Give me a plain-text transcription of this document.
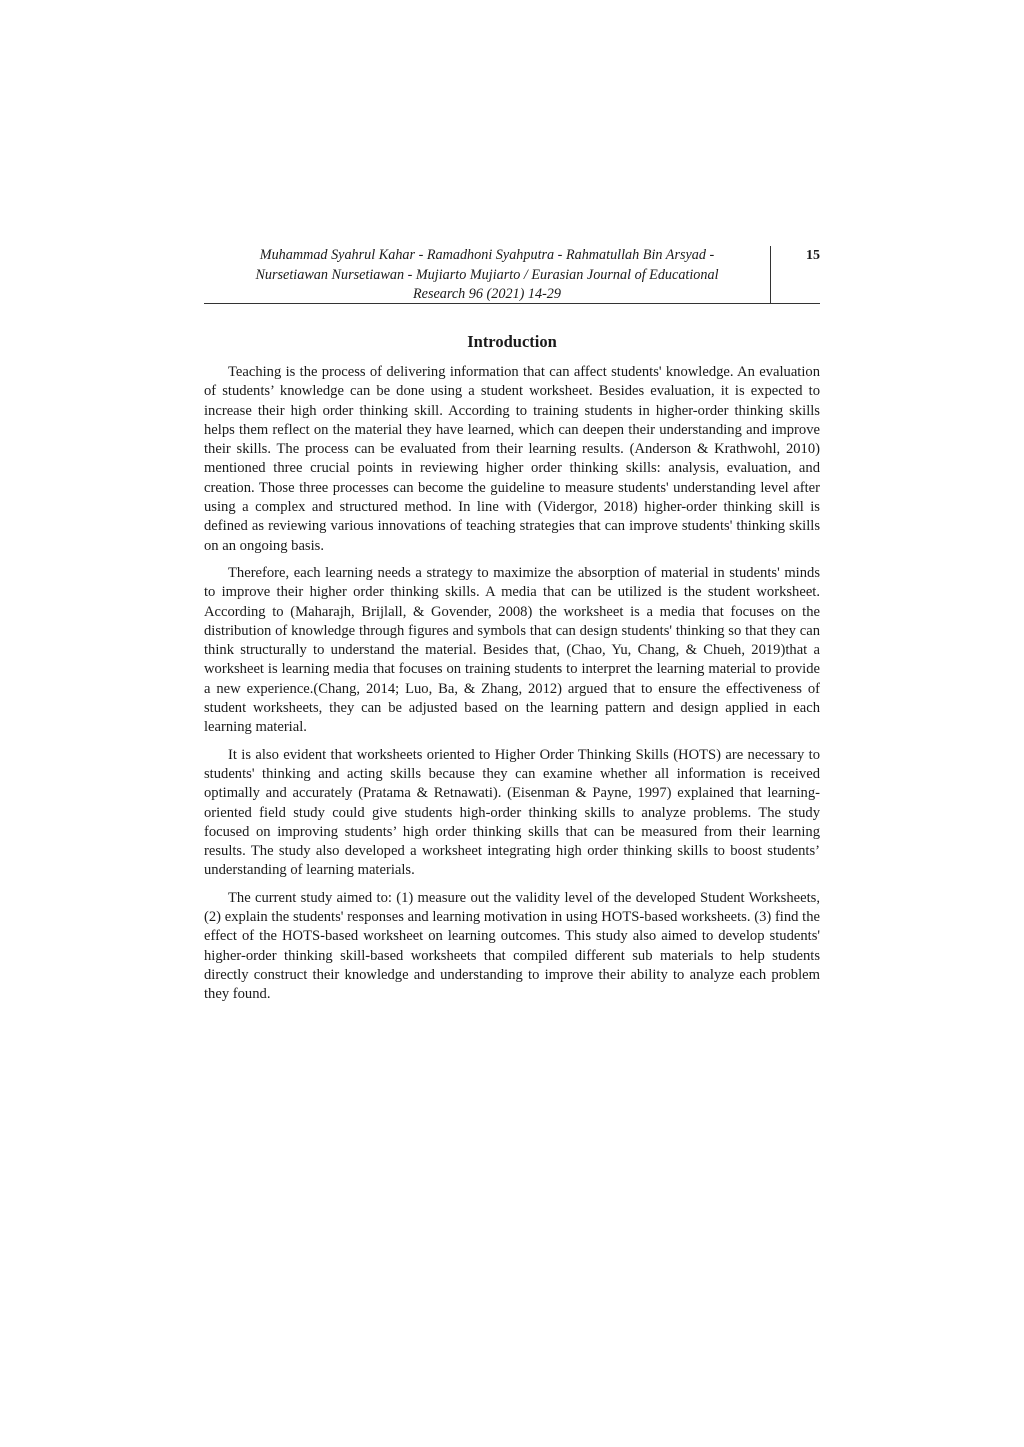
Muhammad Syahrul Kahar - Ramadhoni Syahputra - Rahmatullah Bin Arsyad -
Nursetiawan Nursetiawan - Mujiarto Mujiarto / Eurasian Journal of Educational
Research 96 (2021) 14-29
15
Introduction

Teaching is the process of delivering information that can affect students' knowledge. An evaluation of students’ knowledge can be done using a student worksheet. Besides evaluation, it is expected to increase their high order thinking skill. According to training students in higher-order thinking skills helps them reflect on the material they have learned, which can deepen their understanding and improve their skills. The process can be evaluated from their learning results. (Anderson & Krathwohl, 2010) mentioned three crucial points in reviewing higher order thinking skills: analysis, evaluation, and creation. Those three processes can become the guideline to measure students' understanding level after using a complex and structured method. In line with (Vidergor, 2018) higher-order thinking skill is defined as reviewing various innovations of teaching strategies that can improve students' thinking skills on an ongoing basis.

Therefore, each learning needs a strategy to maximize the absorption of material in students' minds to improve their higher order thinking skills. A media that can be utilized is the student worksheet. According to (Maharajh, Brijlall, & Govender, 2008) the worksheet is a media that focuses on the distribution of knowledge through figures and symbols that can design students' thinking so that they can think structurally to understand the material. Besides that, (Chao, Yu, Chang, & Chueh, 2019)that a worksheet is learning media that focuses on training students to interpret the learning material to provide a new experience.(Chang, 2014; Luo, Ba, & Zhang, 2012) argued that to ensure the effectiveness of student worksheets, they can be adjusted based on the learning pattern and design applied in each learning material.

It is also evident that worksheets oriented to Higher Order Thinking Skills (HOTS) are necessary to students' thinking and acting skills because they can examine whether all information is received optimally and accurately (Pratama & Retnawati). (Eisenman & Payne, 1997) explained that learning-oriented field study could give students high-order thinking skills to analyze problems. The study focused on improving students’ high order thinking skills that can be measured from their learning results. The study also developed a worksheet integrating high order thinking skills to boost students’ understanding of learning materials.

The current study aimed to: (1) measure out the validity level of the developed Student Worksheets, (2) explain the students' responses and learning motivation in using HOTS-based worksheets. (3) find the effect of the HOTS-based worksheet on learning outcomes. This study also aimed to develop students' higher-order thinking skill-based worksheets that compiled different sub materials to help students directly construct their knowledge and understanding to improve their ability to analyze each problem they found.
